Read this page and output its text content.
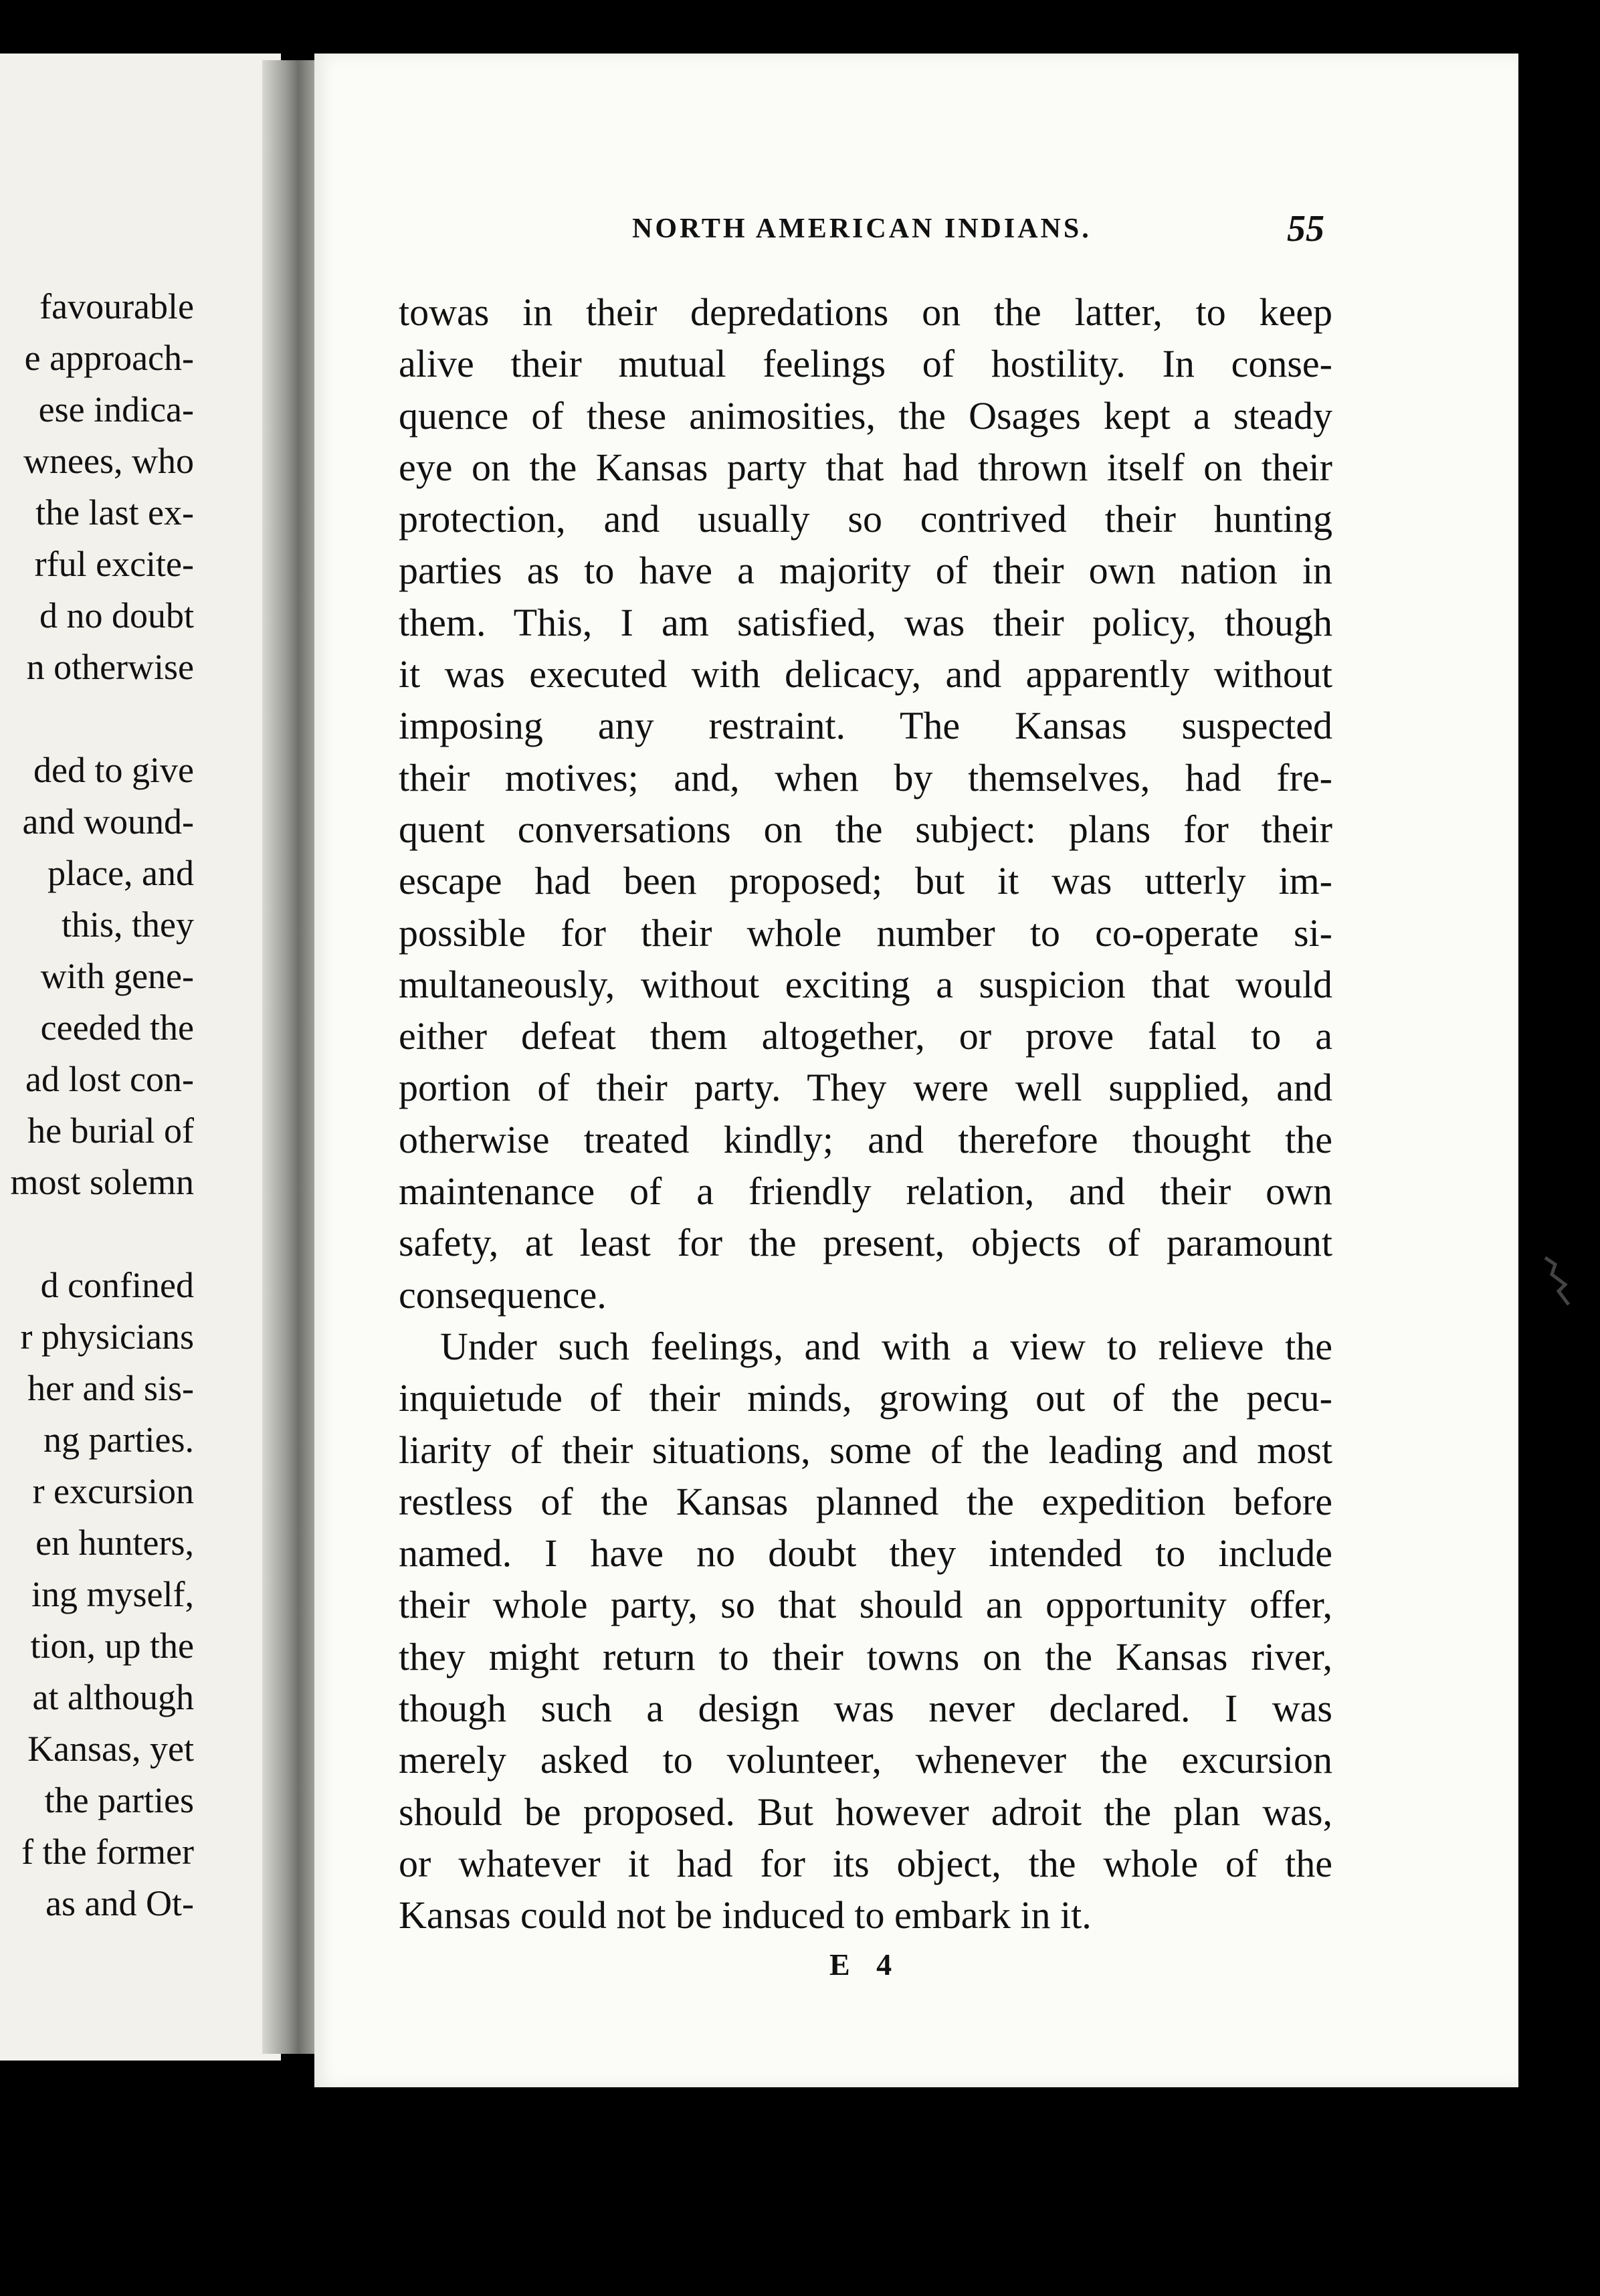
favourable
e approach-
ese indica-
wnees, who
the last ex-
rful excite-
d no doubt
n otherwise
ded to give
and wound-
place, and
this, they
with gene-
ceeded the
ad lost con-
he burial of
most solemn
d confined
r physicians
her and sis-
ng parties.
r excursion
en hunters,
ing myself,
tion, up the
at although
Kansas, yet
the parties
f the former
as and Ot-
NORTH AMERICAN INDIANS.	55
towas in their depredations on the latter, to keep
alive their mutual feelings of hostility. In conse-
quence of these animosities, the Osages kept a steady
eye on the Kansas party that had thrown itself on their
protection, and usually so contrived their hunting
parties as to have a majority of their own nation in
them. This, I am satisfied, was their policy, though
it was executed with delicacy, and apparently without
imposing any restraint. The Kansas suspected
their motives; and, when by themselves, had fre-
quent conversations on the subject: plans for their
escape had been proposed; but it was utterly im-
possible for their whole number to co-operate si-
multaneously, without exciting a suspicion that would
either defeat them altogether, or prove fatal to a
portion of their party. They were well supplied, and
otherwise treated kindly; and therefore thought the
maintenance of a friendly relation, and their own
safety, at least for the present, objects of paramount
consequence.
Under such feelings, and with a view to relieve the
inquietude of their minds, growing out of the pecu-
liarity of their situations, some of the leading and most
restless of the Kansas planned the expedition before
named. I have no doubt they intended to include
their whole party, so that should an opportunity offer,
they might return to their towns on the Kansas river,
though such a design was never declared. I was
merely asked to volunteer, whenever the excursion
should be proposed. But however adroit the plan was,
or whatever it had for its object, the whole of the
Kansas could not be induced to embark in it.
E 4
